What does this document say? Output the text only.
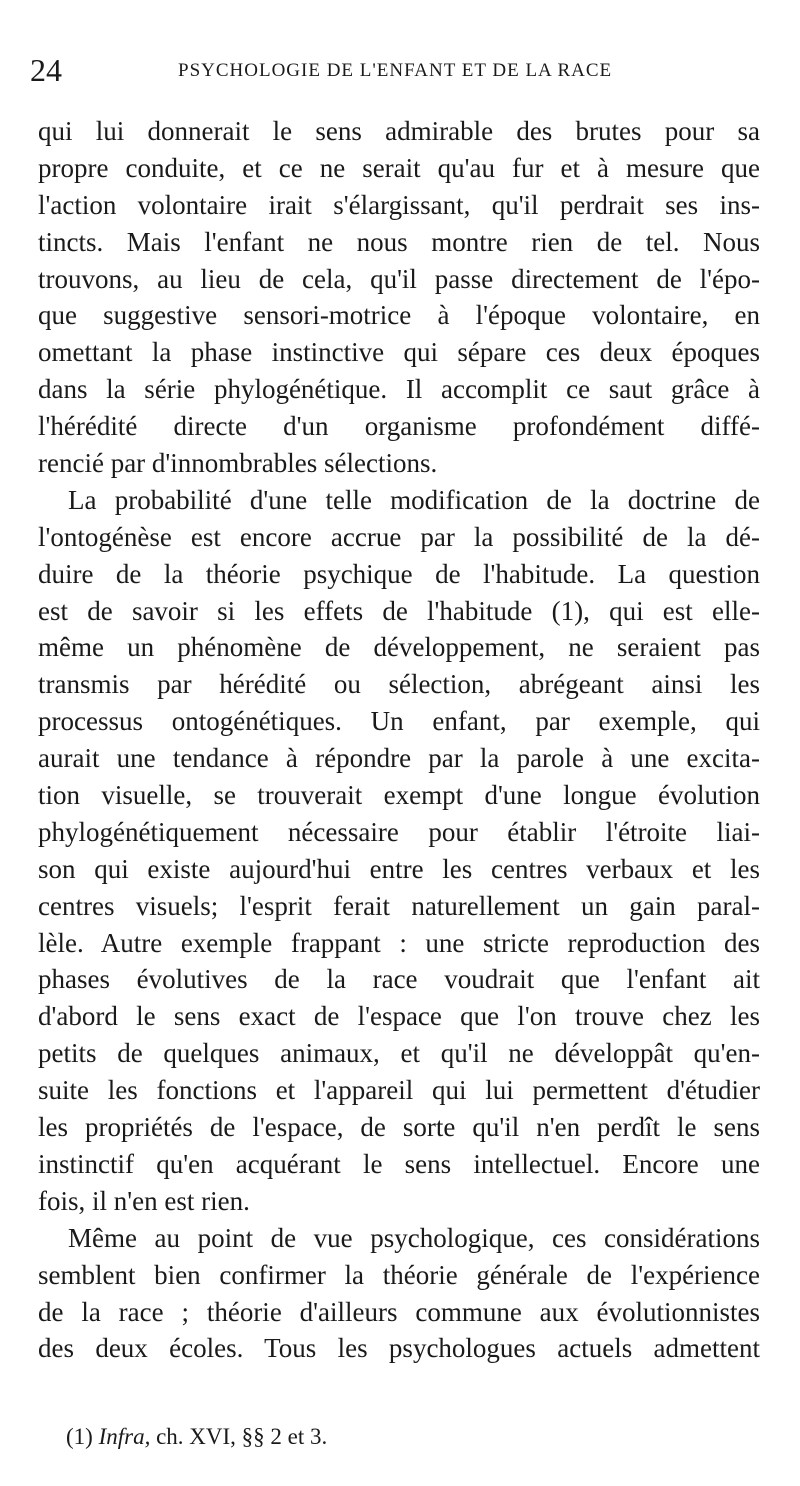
24	PSYCHOLOGIE DE L'ENFANT ET DE LA RACE
qui lui donnerait le sens admirable des brutes pour sa
propre conduite, et ce ne serait qu'au fur et à mesure que
l'action volontaire irait s'élargissant, qu'il perdrait ses ins-
tincts. Mais l'enfant ne nous montre rien de tel. Nous
trouvons, au lieu de cela, qu'il passe directement de l'épo-
que suggestive sensori-motrice à l'époque volontaire, en
omettant la phase instinctive qui sépare ces deux époques
dans la série phylogénétique. Il accomplit ce saut grâce à
l'hérédité directe d'un organisme profondément diffé-
rencié par d'innombrables sélections.
La probabilité d'une telle modification de la doctrine de
l'ontogénèse est encore accrue par la possibilité de la dé-
duire de la théorie psychique de l'habitude. La question
est de savoir si les effets de l'habitude (1), qui est elle-
même un phénomène de développement, ne seraient pas
transmis par hérédité ou sélection, abrégeant ainsi les
processus ontogénétiques. Un enfant, par exemple, qui
aurait une tendance à répondre par la parole à une excita-
tion visuelle, se trouverait exempt d'une longue évolution
phylogénétiquement nécessaire pour établir l'étroite liai-
son qui existe aujourd'hui entre les centres verbaux et les
centres visuels; l'esprit ferait naturellement un gain paral-
lèle. Autre exemple frappant : une stricte reproduction des
phases évolutives de la race voudrait que l'enfant ait
d'abord le sens exact de l'espace que l'on trouve chez les
petits de quelques animaux, et qu'il ne développât qu'en-
suite les fonctions et l'appareil qui lui permettent d'étudier
les propriétés de l'espace, de sorte qu'il n'en perdît le sens
instinctif qu'en acquérant le sens intellectuel. Encore une
fois, il n'en est rien.
Même au point de vue psychologique, ces considérations
semblent bien confirmer la théorie générale de l'expérience
de la race ; théorie d'ailleurs commune aux évolutionnistes
des deux écoles. Tous les psychologues actuels admettent
(1) Infra, ch. XVI, §§ 2 et 3.
